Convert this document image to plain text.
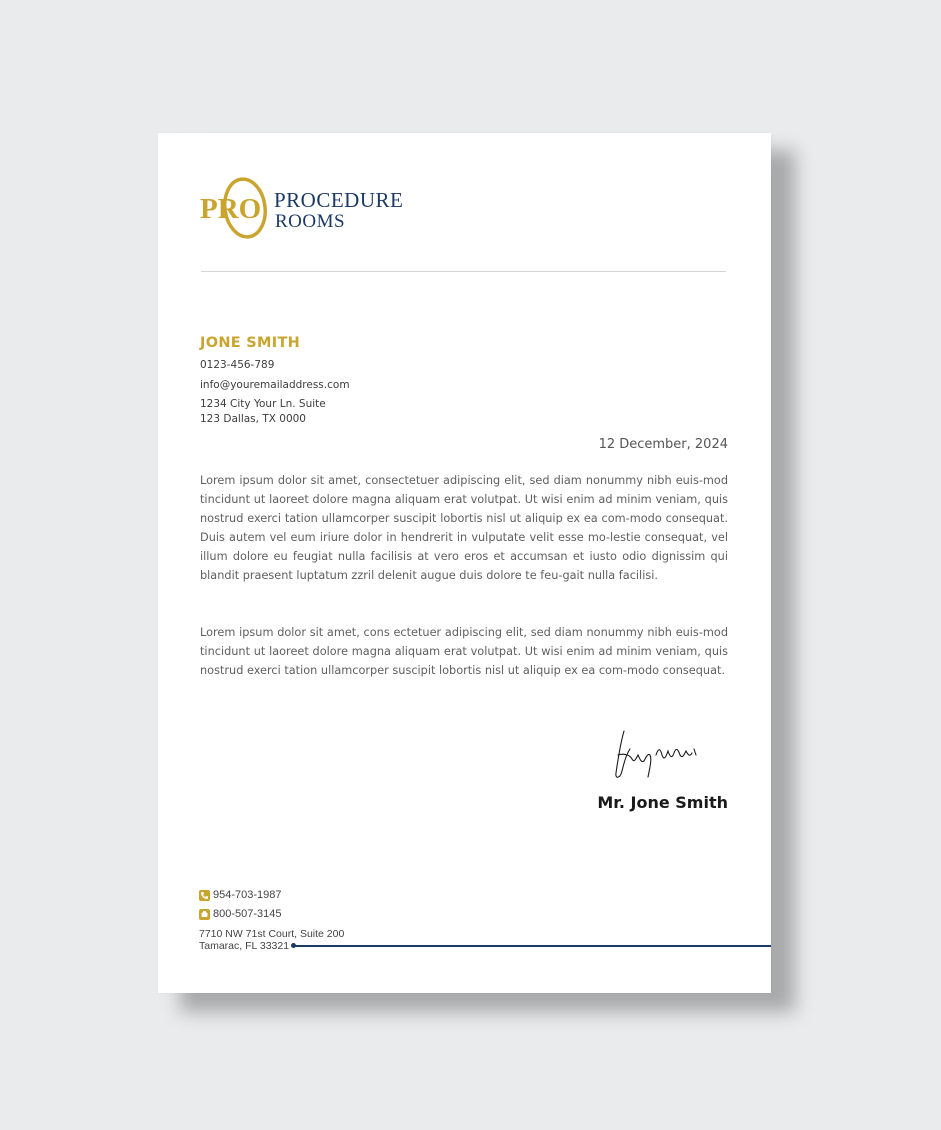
PRO PROCEDURE
ROOMS
JONE SMITH
0123-456-789
info@youremailaddress.com
1234 City Your Ln. Suite
123 Dallas, TX 0000
12 December, 2024

Lorem ipsum dolor sit amet, consectetuer adipiscing elit, sed diam nonummy nibh euis-mod tincidunt ut laoreet dolore magna aliquam erat volutpat. Ut wisi enim ad minim veniam, quis nostrud exerci tation ullamcorper suscipit lobortis nisl ut aliquip ex ea com-modo consequat. Duis autem vel eum iriure dolor in hendrerit in vulputate velit esse mo-lestie consequat, vel illum dolore eu feugiat nulla facilisis at vero eros et accumsan et iusto odio dignissim qui blandit praesent luptatum zzril delenit augue duis dolore te feu-gait nulla facilisi.

Lorem ipsum dolor sit amet, cons ectetuer adipiscing elit, sed diam nonummy nibh euis-mod tincidunt ut laoreet dolore magna aliquam erat volutpat. Ut wisi enim ad minim veniam, quis nostrud exerci tation ullamcorper suscipit lobortis nisl ut aliquip ex ea com-modo consequat.

Mr. Jone Smith
954-703-1987
800-507-3145
7710 NW 71st Court, Suite 200
Tamarac, FL 33321
